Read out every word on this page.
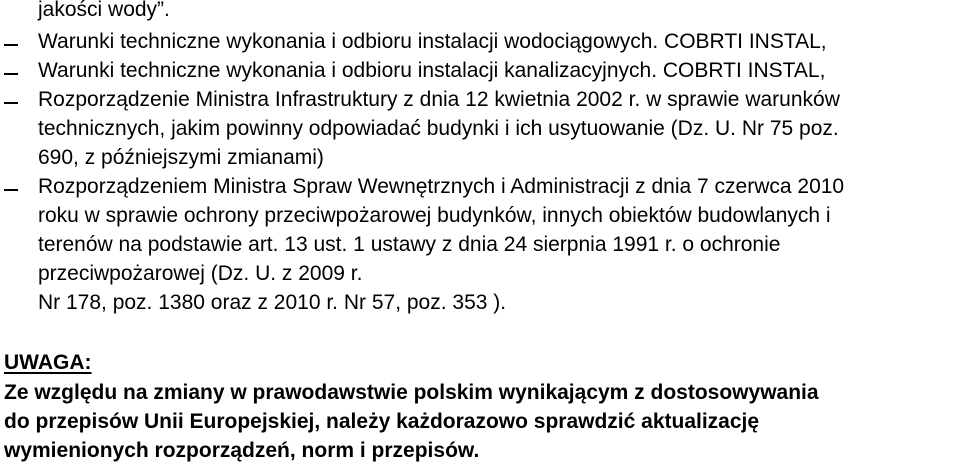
jakości wody”.
Warunki techniczne wykonania i odbioru instalacji wodociągowych. COBRTI INSTAL,
Warunki techniczne wykonania i odbioru instalacji kanalizacyjnych. COBRTI INSTAL,
Rozporządzenie Ministra Infrastruktury z dnia 12 kwietnia 2002 r. w sprawie warunków
technicznych, jakim powinny odpowiadać budynki i ich usytuowanie (Dz. U. Nr 75 poz.
690, z późniejszymi zmianami)
Rozporządzeniem Ministra Spraw Wewnętrznych i Administracji z dnia 7 czerwca 2010
roku w sprawie ochrony przeciwpożarowej budynków, innych obiektów budowlanych i
terenów na podstawie art. 13 ust. 1 ustawy z dnia 24 sierpnia 1991 r. o ochronie
przeciwpożarowej (Dz. U. z 2009 r.
Nr 178, poz. 1380 oraz z 2010 r. Nr 57, poz. 353 ).
UWAGA:
Ze względu na zmiany w prawodawstwie polskim wynikającym z dostosowywania
do przepisów Unii Europejskiej, należy każdorazowo sprawdzić aktualizację
wymienionych rozporządzeń, norm i przepisów.
